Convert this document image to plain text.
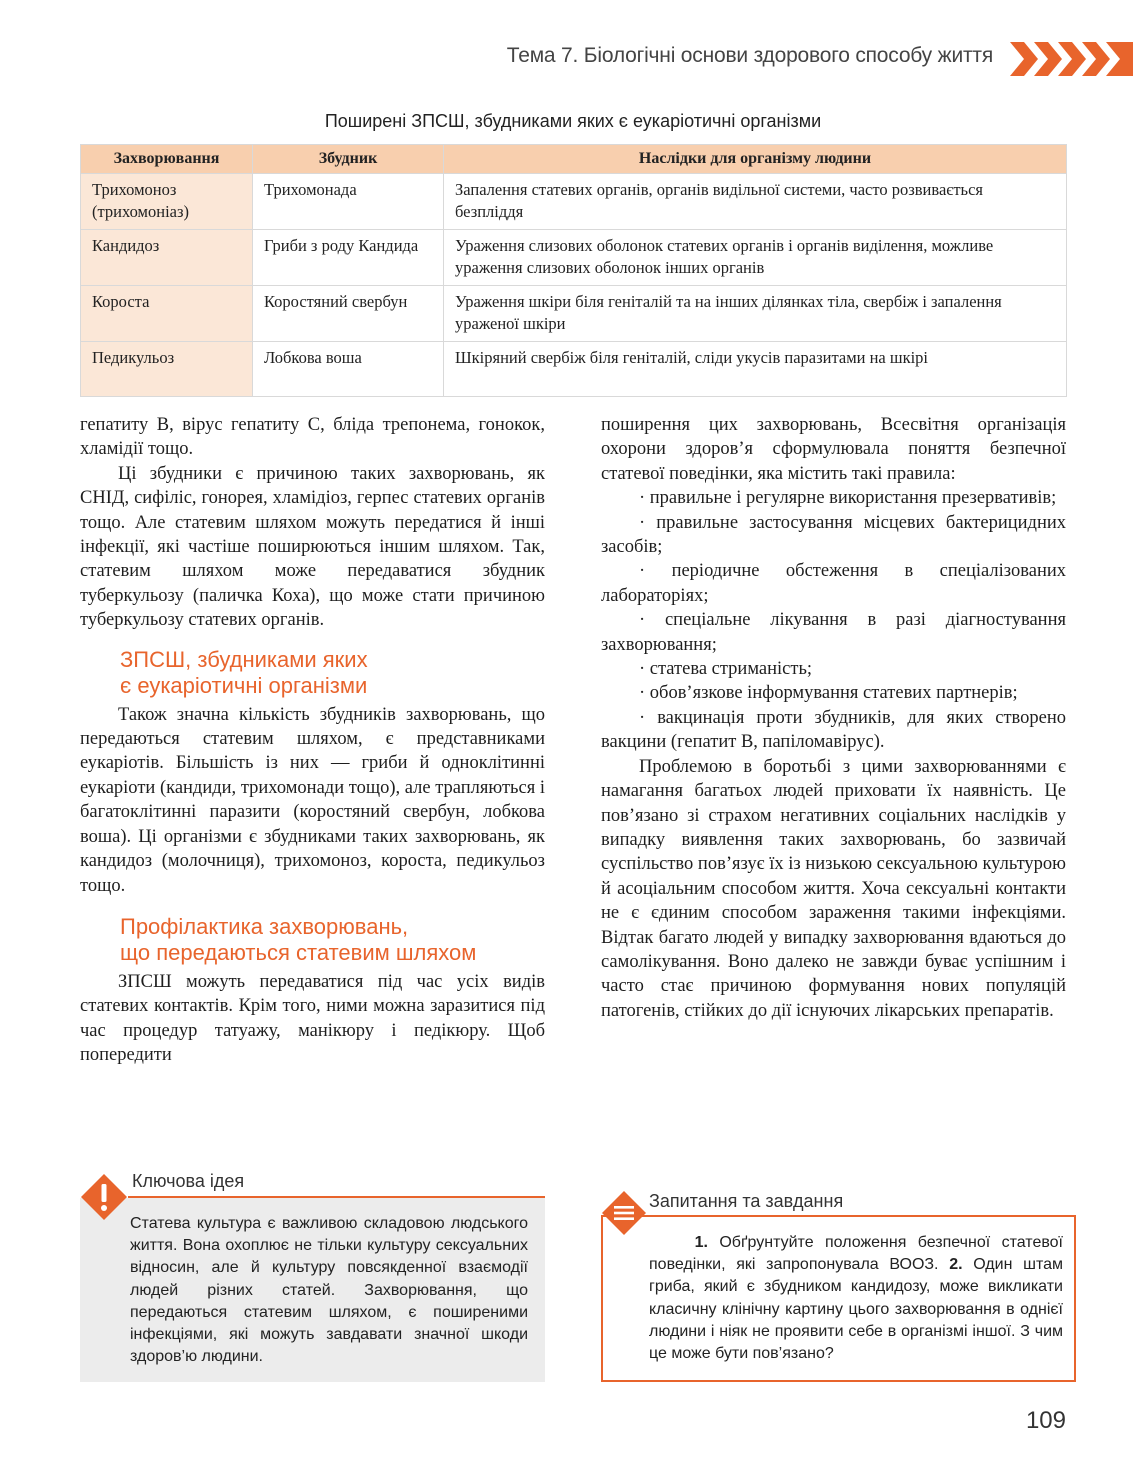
Тема 7. Біологічні основи здорового способу життя
Поширені ЗПСШ, збудниками яких є еукаріотичні організми
Захворювання	Збудник	Наслідки для організму людини
Трихомоноз (трихомоніаз)	Трихомонада	Запалення статевих органів, органів видільної системи, часто розвивається безпліддя
Кандидоз	Гриби з роду Кандида	Ураження слизових оболонок статевих органів і органів виділення, можливе ураження слизових оболонок інших органів
Короста	Коростяний свербун	Ураження шкіри біля геніталій та на інших ділянках тіла, свербіж і запалення ураженої шкіри
Педикульоз	Лобкова воша	Шкіряний свербіж біля геніталій, сліди укусів паразитами на шкірі

гепатиту В, вірус гепатиту С, бліда трепонема, гонокок, хламідії тощо.

Ці збудники є причиною таких захворювань, як СНІД, сифіліс, гонорея, хламідіоз, герпес статевих органів тощо. Але статевим шляхом можуть передатися й інші інфекції, які частіше поширюються іншим шляхом. Так, статевим шляхом може передаватися збудник туберкульозу (паличка Коха), що може стати причиною туберкульозу статевих органів.

ЗПСШ, збудниками яких
є еукаріотичні організми

Також значна кількість збудників захворювань, що передаються статевим шляхом, є представниками еукаріотів. Більшість із них — гриби й одноклітинні еукаріоти (кандиди, трихомонади тощо), але трапляються і багатоклітинні паразити (коростяний свербун, лобкова воша). Ці організми є збудниками таких захворювань, як кандидоз (молочниця), трихомоноз, короста, педикульоз тощо.

Профілактика захворювань,
що передаються статевим шляхом

ЗПСШ можуть передаватися під час усіх видів статевих контактів. Крім того, ними можна заразитися під час процедур татуажу, манікюру і педікюру. Щоб попередити

поширення цих захворювань, Всесвітня організація охорони здоров’я сформулювала поняття безпечної статевої поведінки, яка містить такі правила:

· правильне і регулярне використання презервативів;

· правильне застосування місцевих бактерицидних засобів;

· періодичне обстеження в спеціалізованих лабораторіях;

· спеціальне лікування в разі діагностування захворювання;

· статева стриманість;

· обов’язкове інформування статевих партнерів;

· вакцинація проти збудників, для яких створено вакцини (гепатит В, папіломавірус).

Проблемою в боротьбі з цими захворюваннями є намагання багатьох людей приховати їх наявність. Це пов’язано зі страхом негативних соціальних наслідків у випадку виявлення таких захворювань, бо зазвичай суспільство пов’язує їх із низькою сексуальною культурою й асоціальним способом життя. Хоча сексуальні контакти не є єдиним способом зараження такими інфекціями. Відтак багато людей у випадку захворювання вдаються до самолікування. Воно далеко не завжди буває успішним і часто стає причиною формування нових популяцій патогенів, стійких до дії існуючих лікарських препаратів.

Ключова ідея
Статева культура є важливою складовою людського життя. Вона охоплює не тільки культуру сексуальних відносин, але й культуру повсякденної взаємодії людей різних статей. Захворювання, що передаються статевим шляхом, є поширеними інфекціями, які можуть завдавати значної шкоди здоров’ю людини.
Запитання та завдання
1. Обґрунтуйте положення безпечної статевої поведінки, які запропонувала ВООЗ. 2. Один штам гриба, який є збудником кандидозу, може викликати класичну клінічну картину цього захворювання в однієї людини і ніяк не проявити себе в організмі іншої. З чим це може бути пов’язано?
109
